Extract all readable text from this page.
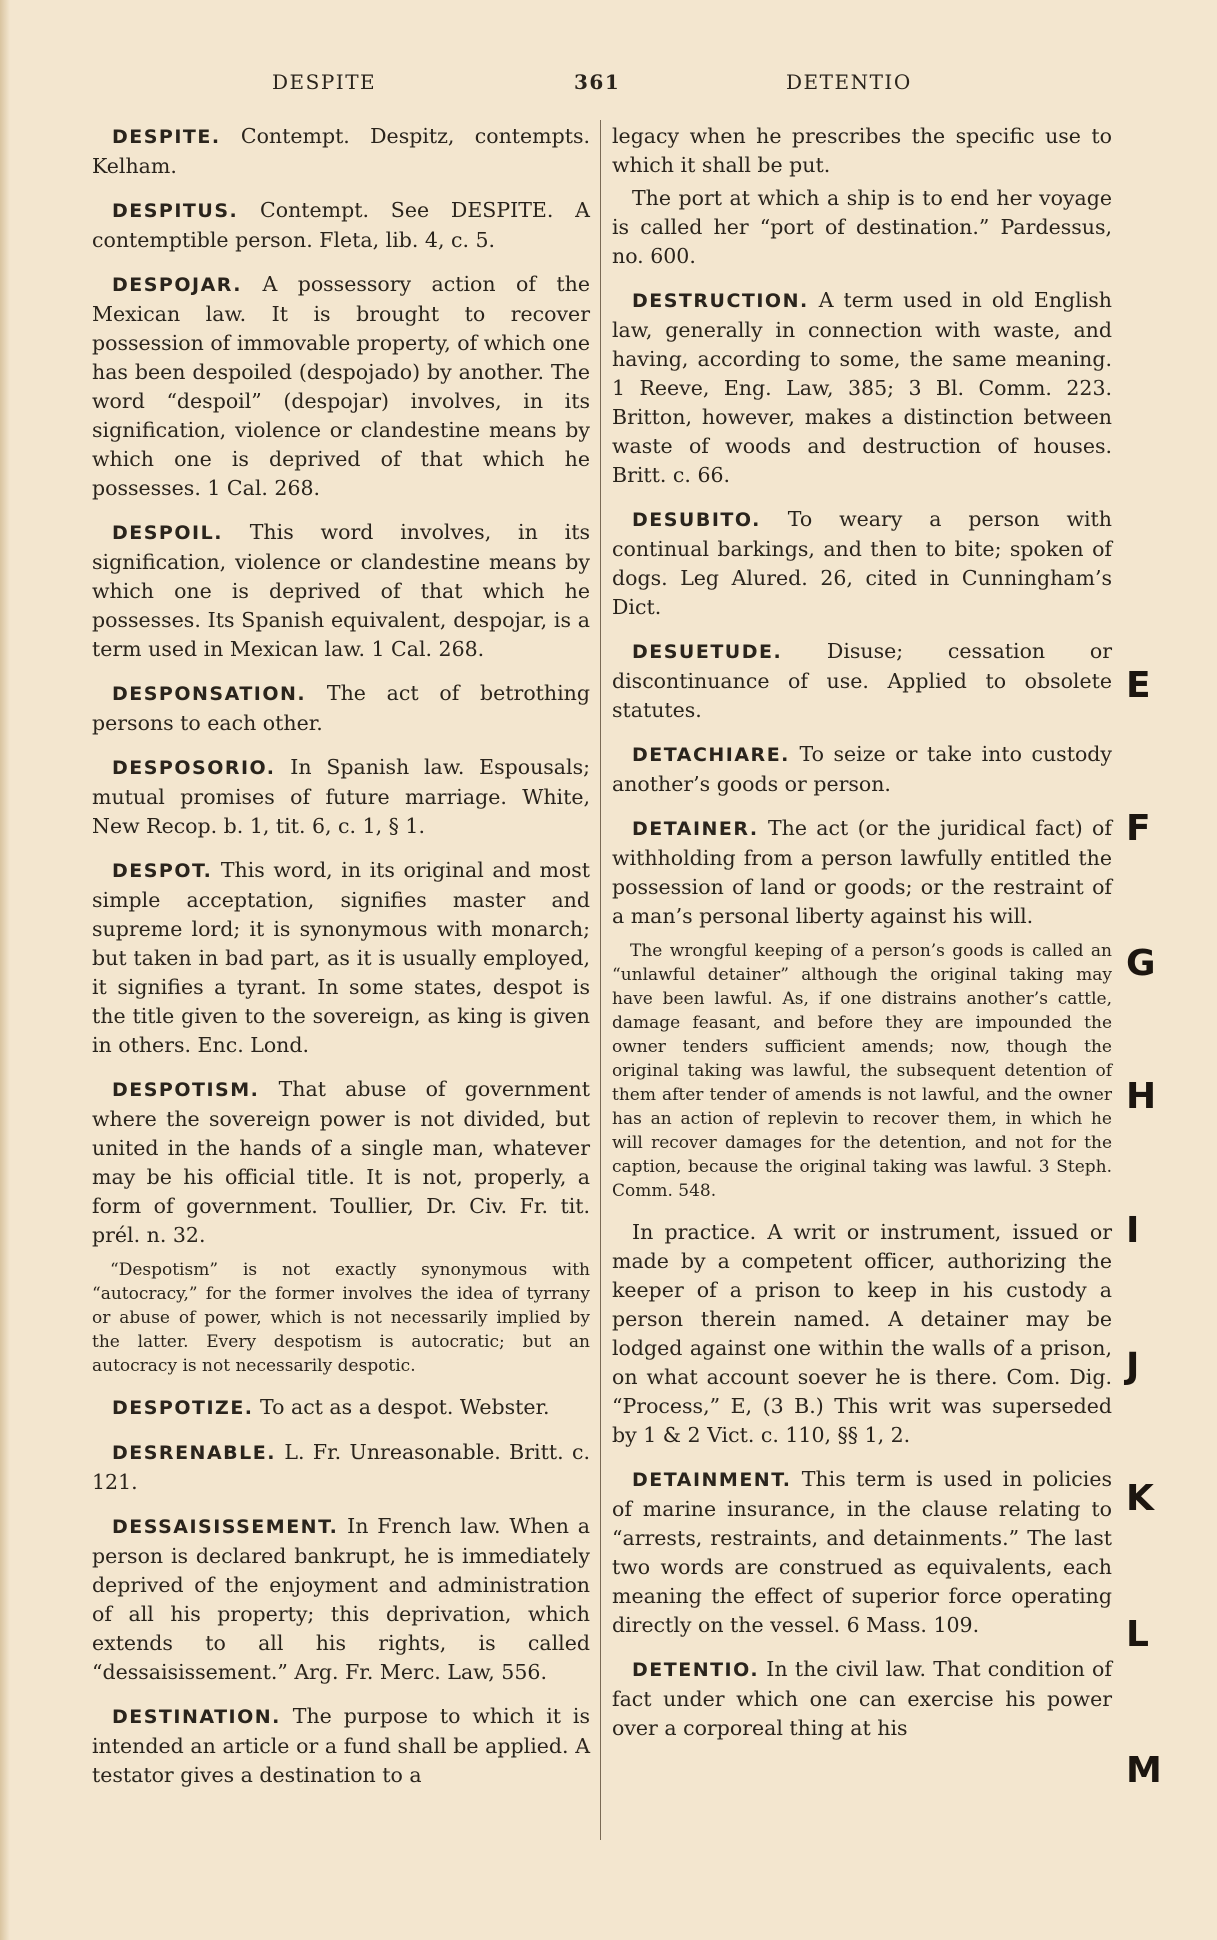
DESPITE	361	DETENTIO

DESPITE. Contempt. Despitz, contempts. Kelham.

DESPITUS. Contempt. See DESPITE. A contemptible person. Fleta, lib. 4, c. 5.

DESPOJAR. A possessory action of the Mexican law. It is brought to recover possession of immovable property, of which one has been despoiled (despojado) by another. The word “despoil” (despojar) involves, in its signification, violence or clandestine means by which one is deprived of that which he possesses. 1 Cal. 268.

DESPOIL. This word involves, in its signification, violence or clandestine means by which one is deprived of that which he possesses. Its Spanish equivalent, despojar, is a term used in Mexican law. 1 Cal. 268.

DESPONSATION. The act of betrothing persons to each other.

DESPOSORIO. In Spanish law. Espousals; mutual promises of future marriage. White, New Recop. b. 1, tit. 6, c. 1, § 1.

DESPOT. This word, in its original and most simple acceptation, signifies master and supreme lord; it is synonymous with monarch; but taken in bad part, as it is usually employed, it signifies a tyrant. In some states, despot is the title given to the sovereign, as king is given in others. Enc. Lond.

DESPOTISM. That abuse of government where the sovereign power is not divided, but united in the hands of a single man, whatever may be his official title. It is not, properly, a form of government. Toullier, Dr. Civ. Fr. tit. prél. n. 32.

“Despotism” is not exactly synonymous with “autocracy,” for the former involves the idea of tyrrany or abuse of power, which is not necessarily implied by the latter. Every despotism is autocratic; but an autocracy is not necessarily despotic.

DESPOTIZE. To act as a despot. Webster.

DESRENABLE. L. Fr. Unreasonable. Britt. c. 121.

DESSAISISSEMENT. In French law. When a person is declared bankrupt, he is immediately deprived of the enjoyment and administration of all his property; this deprivation, which extends to all his rights, is called “dessaisissement.” Arg. Fr. Merc. Law, 556.

DESTINATION. The purpose to which it is intended an article or a fund shall be applied. A testator gives a destination to a

legacy when he prescribes the specific use to which it shall be put.

The port at which a ship is to end her voyage is called her “port of destination.” Pardessus, no. 600.

DESTRUCTION. A term used in old English law, generally in connection with waste, and having, according to some, the same meaning. 1 Reeve, Eng. Law, 385; 3 Bl. Comm. 223. Britton, however, makes a distinction between waste of woods and destruction of houses. Britt. c. 66.

DESUBITO. To weary a person with continual barkings, and then to bite; spoken of dogs. Leg Alured. 26, cited in Cunningham’s Dict.

DESUETUDE. Disuse; cessation or discontinuance of use. Applied to obsolete statutes.

DETACHIARE. To seize or take into custody another’s goods or person.

DETAINER. The act (or the juridical fact) of withholding from a person lawfully entitled the possession of land or goods; or the restraint of a man’s personal liberty against his will.

The wrongful keeping of a person’s goods is called an “unlawful detainer” although the original taking may have been lawful. As, if one distrains another’s cattle, damage feasant, and before they are impounded the owner tenders sufficient amends; now, though the original taking was lawful, the subsequent detention of them after tender of amends is not lawful, and the owner has an action of replevin to recover them, in which he will recover damages for the detention, and not for the caption, because the original taking was lawful. 3 Steph. Comm. 548.

In practice. A writ or instrument, issued or made by a competent officer, authorizing the keeper of a prison to keep in his custody a person therein named. A detainer may be lodged against one within the walls of a prison, on what account soever he is there. Com. Dig. “Process,” E, (3 B.) This writ was superseded by 1 & 2 Vict. c. 110, §§ 1, 2.

DETAINMENT. This term is used in policies of marine insurance, in the clause relating to “arrests, restraints, and detainments.” The last two words are construed as equivalents, each meaning the effect of superior force operating directly on the vessel. 6 Mass. 109.

DETENTIO. In the civil law. That condition of fact under which one can exercise his power over a corporeal thing at his

E
F
G
H
I
J
K
L
M
